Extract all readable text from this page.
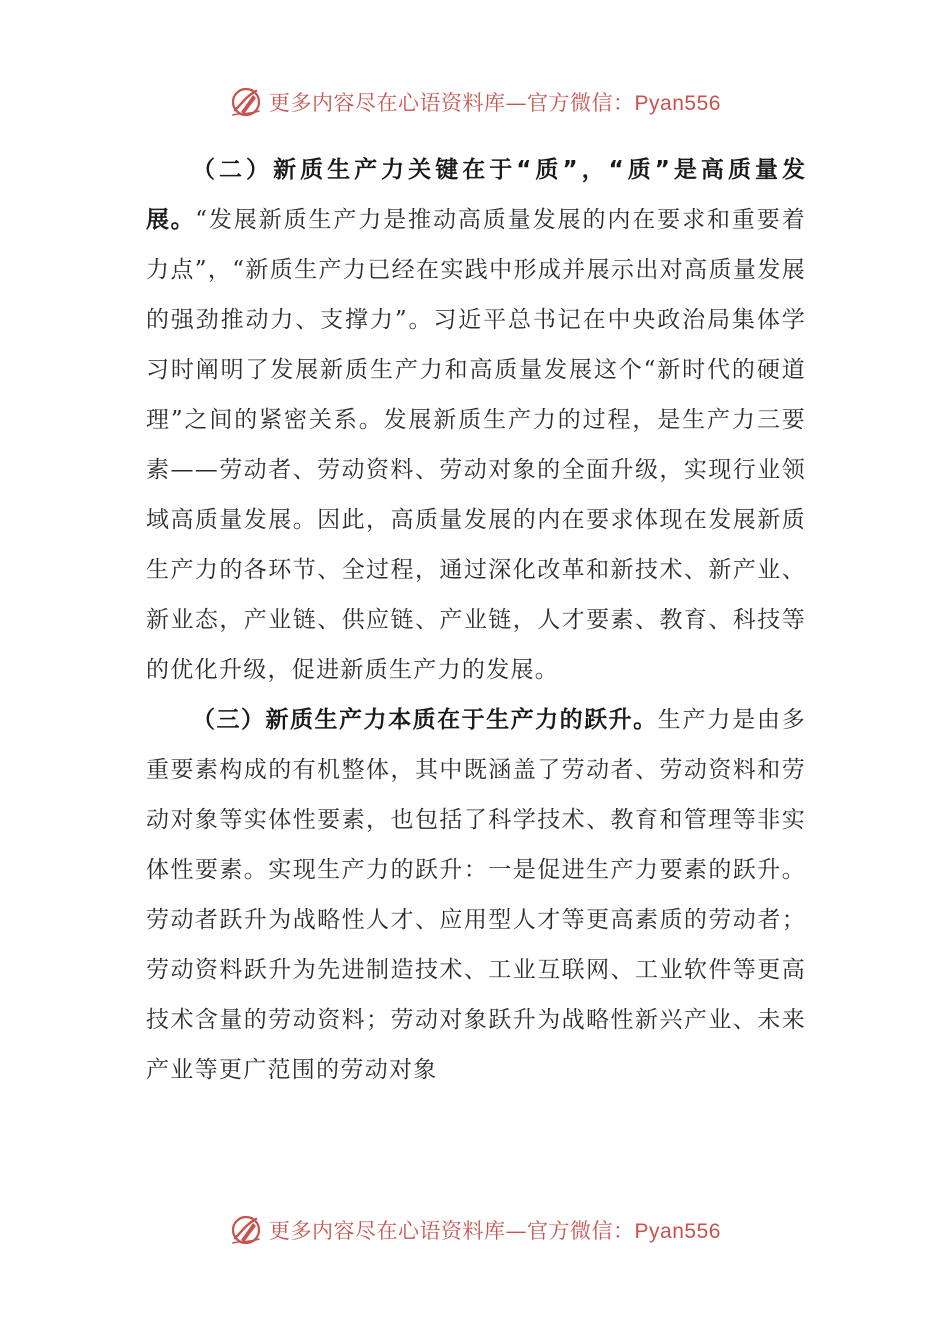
更多内容尽在心语资料库—官方微信：Pyan556

（二）新质生产力关键在于“质”，“质”是高质量发展。“发展新质生产力是推动高质量发展的内在要求和重要着力点”，“新质生产力已经在实践中形成并展示出对高质量发展的强劲推动力、支撑力”。习近平总书记在中央政治局集体学习时阐明了发展新质生产力和高质量发展这个“新时代的硬道理”之间的紧密关系。发展新质生产力的过程，是生产力三要素——劳动者、劳动资料、劳动对象的全面升级，实现行业领域高质量发展。因此，高质量发展的内在要求体现在发展新质生产力的各环节、全过程，通过深化改革和新技术、新产业、新业态，产业链、供应链、产业链，人才要素、教育、科技等的优化升级，促进新质生产力的发展。

（三）新质生产力本质在于生产力的跃升。生产力是由多重要素构成的有机整体，其中既涵盖了劳动者、劳动资料和劳动对象等实体性要素，也包括了科学技术、教育和管理等非实体性要素。实现生产力的跃升：一是促进生产力要素的跃升。劳动者跃升为战略性人才、应用型人才等更高素质的劳动者；劳动资料跃升为先进制造技术、工业互联网、工业软件等更高技术含量的劳动资料；劳动对象跃升为战略性新兴产业、未来产业等更广范围的劳动对象

更多内容尽在心语资料库—官方微信：Pyan556
